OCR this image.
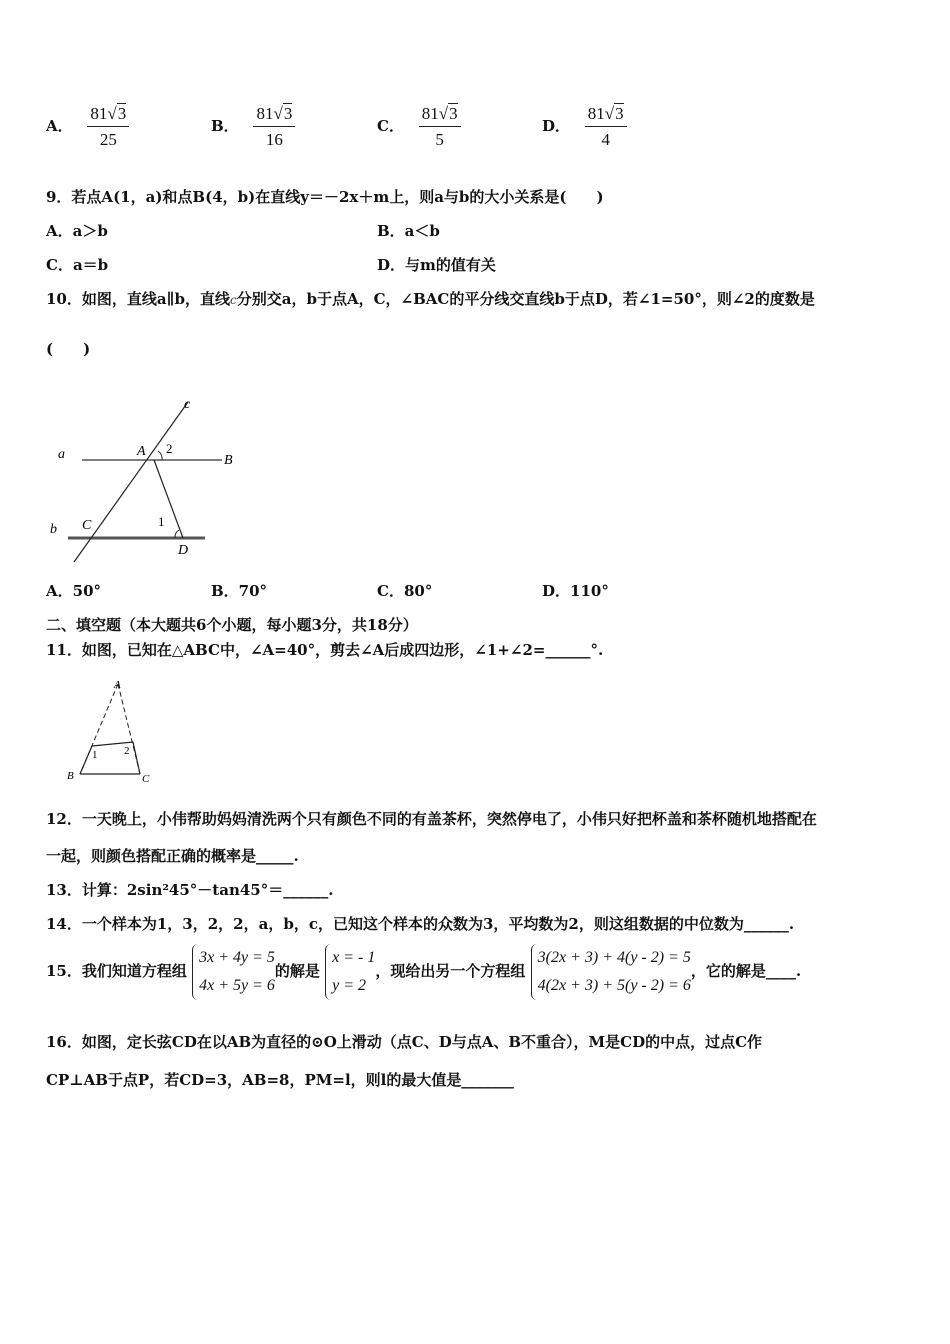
A． $\frac{81√3}{25}$	B． $\frac{81√3}{16}$	C． $\frac{81√3}{5}$	D． $\frac{81√3}{4}$
9．若点A(1，a)和点B(4，b)在直线y＝－2x＋m上，则a与b的大小关系是(　　)
A．a＞b	B．a＜b
C．a＝b	D．与m的值有关
10．如图，直线a∥b，直线c分别交a，b于点A，C，∠BAC的平分线交直线b于点D，若∠1=50°，则∠2的度数是
(　　)
c
a	A 2
B
b C	1
D
A．50°	B．70°	C．80°	D．110°
二、填空题（本大题共6个小题，每小题3分，共18分）
11．如图，已知在△ABC中，∠A=40°，剪去∠A后成四边形，∠1+∠2=______°.
A
1 2
B	C
12．一天晚上，小伟帮助妈妈清洗两个只有颜色不同的有盖茶杯，突然停电了，小伟只好把杯盖和茶杯随机地搭配在
一起，则颜色搭配正确的概率是_____.
13．计算：2sin²45°－tan45°＝______.
14．一个样本为1，3，2，2，a，b，c，已知这个样本的众数为3，平均数为2，则这组数据的中位数为______.
15．我们知道方程组
3x + 4y = 5
4x + 5y = 6
的解是
x = - 1
y = 2
，现给出另一个方程组
3(2x + 3) + 4(y - 2) = 5
4(2x + 3) + 5(y - 2) = 6
，它的解是____.
16．如图，定长弦CD在以AB为直径的⊙O上滑动（点C、D与点A、B不重合），M是CD的中点，过点C作
CP⊥AB于点P，若CD=3，AB=8，PM=l，则l的最大值是_______
